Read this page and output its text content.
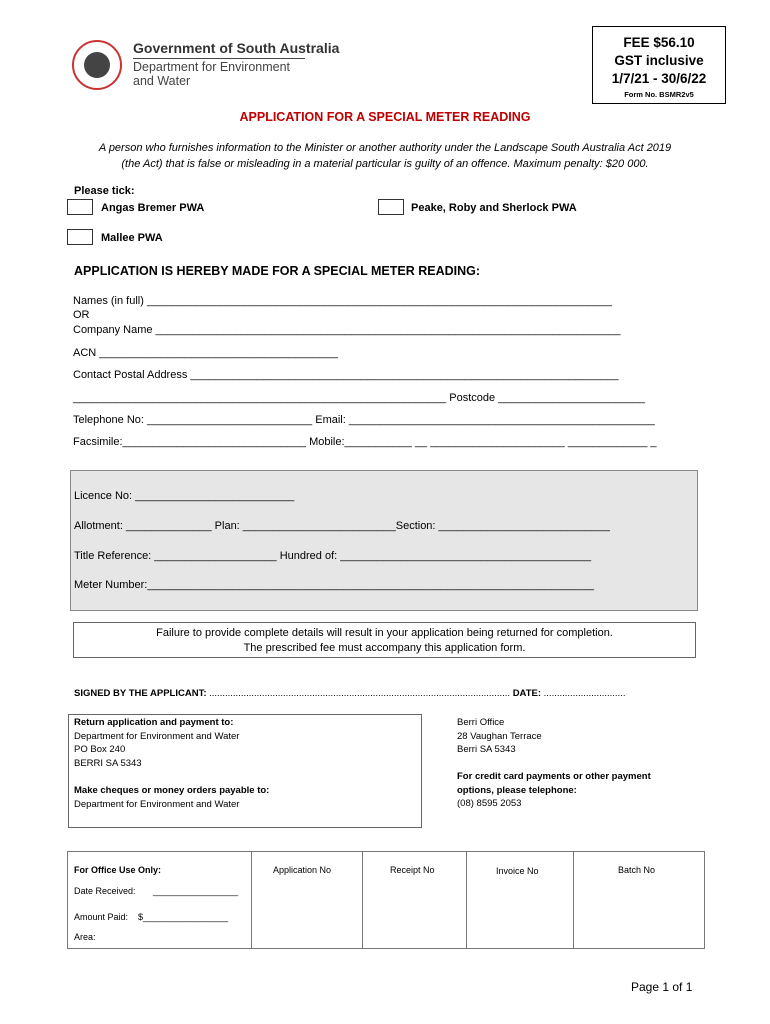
Government of South Australia
Department for Environment
and Water
FEE $56.10
GST inclusive
1/7/21 - 30/6/22
Form No. BSMR2v5
APPLICATION FOR A SPECIAL METER READING
A person who furnishes information to the Minister or another authority under the Landscape South Australia Act 2019
(the Act) that is false or misleading in a material particular is guilty of an offence. Maximum penalty: $20 000.
Please tick:
Angas Bremer PWA	Peake, Roby and Sherlock PWA
Mallee PWA
APPLICATION IS HEREBY MADE FOR A SPECIAL METER READING:
Names (in full) ____________________________________________________________________________
OR
Company Name ____________________________________________________________________________
ACN _______________________________________
Contact Postal Address ______________________________________________________________________
_____________________________________________________________ Postcode ________________________
Telephone No: ___________________________ Email: __________________________________________________
Facsimile:______________________________ Mobile:___________ __ ______________________ _____________ _
Licence No: __________________________
Allotment: ______________ Plan: _________________________Section: ____________________________
Title Reference: ____________________ Hundred of: _________________________________________
Meter Number:_________________________________________________________________________
Failure to provide complete details will result in your application being returned for completion.
The prescribed fee must accompany this application form.
SIGNED BY THE APPLICANT: .................................................................................................................. DATE: ...............................
Return application and payment to:
Department for Environment and Water
PO Box 240
BERRI SA 5343
Make cheques or money orders payable to:
Department for Environment and Water
Berri Office
28 Vaughan Terrace
Berri SA 5343
For credit card payments or other payment
options, please telephone:
(08) 8595 2053
For Office Use Only:
Date Received:       _________________
Amount Paid:    $_________________
Area:
Application No	Receipt No	Invoice No	Batch No
Page 1 of 1
